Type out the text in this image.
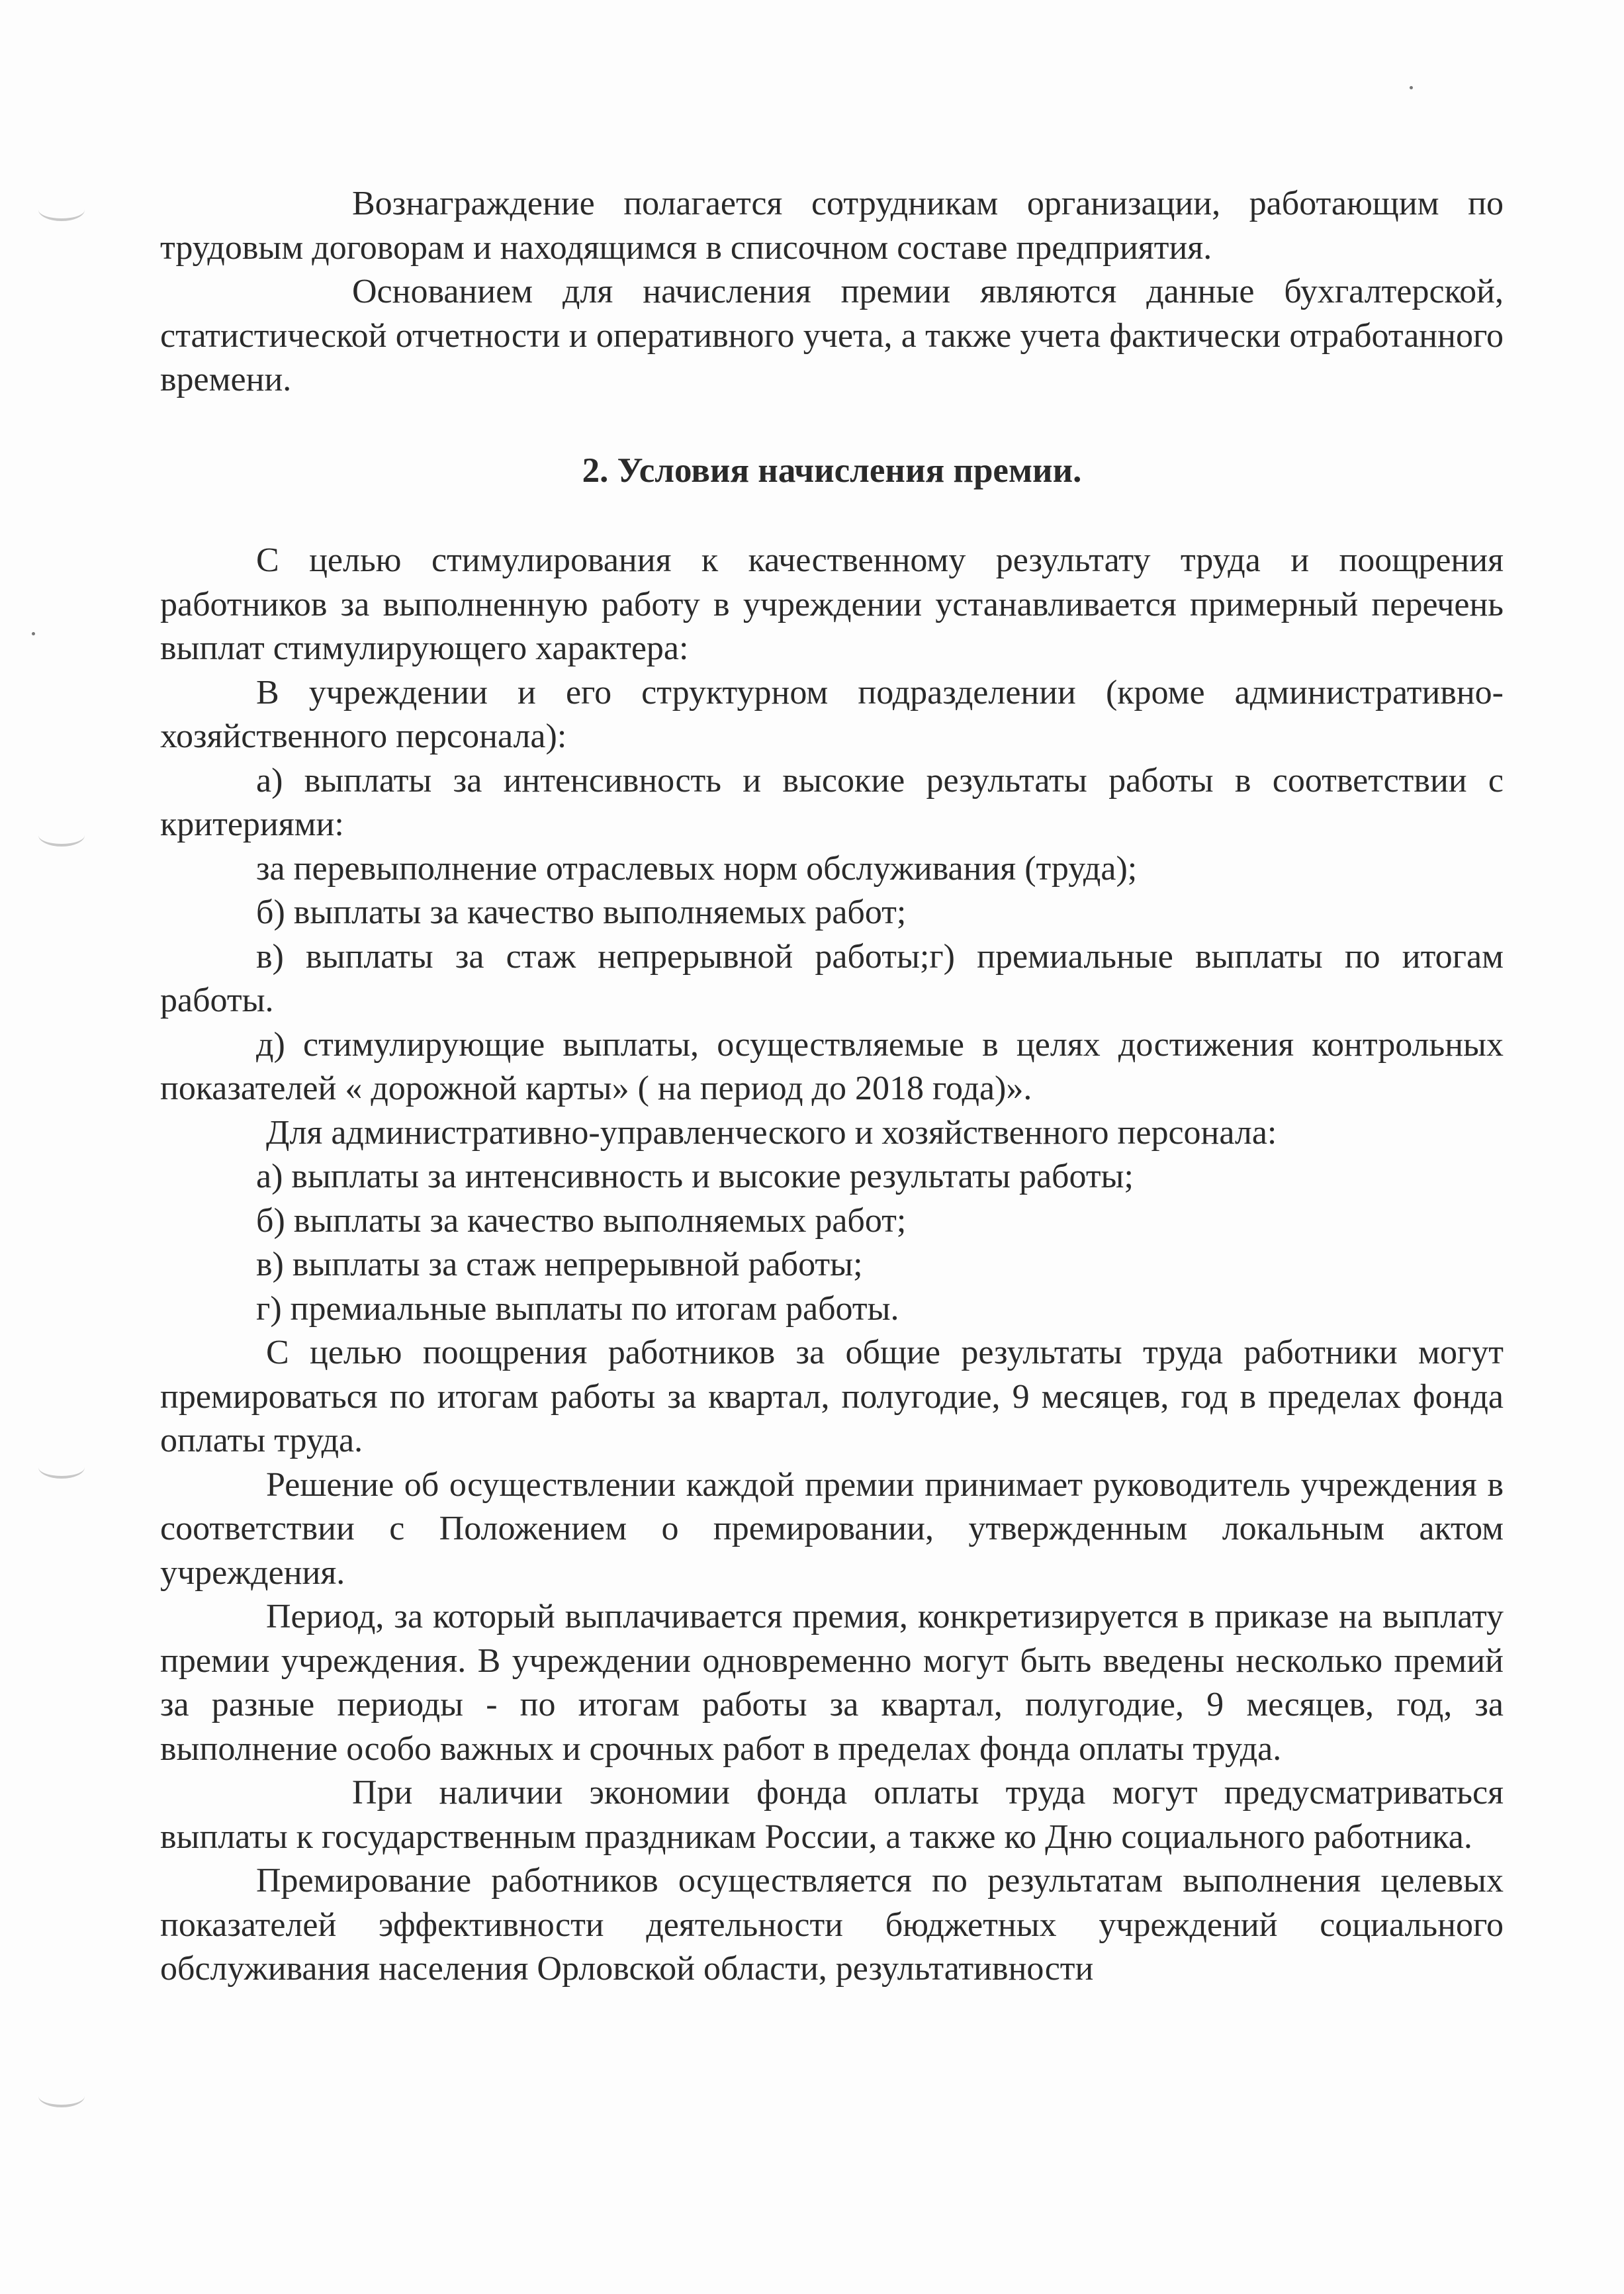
Вознаграждение полагается сотрудникам организации, работающим по трудовым договорам и находящимся в списочном составе предприятия.

Основанием для начисления премии являются данные бухгалтерской, статистической отчетности и оперативного учета, а также учета фактически отработанного времени.

2. Условия начисления премии.

С целью стимулирования к качественному результату труда и поощрения работников за выполненную работу в учреждении устанавливается примерный перечень выплат стимулирующего характера:

В учреждении и его структурном подразделении (кроме административно-хозяйственного персонала):

а) выплаты за интенсивность и высокие результаты работы в соответствии с критериями:

за перевыполнение отраслевых норм обслуживания (труда);

б) выплаты за качество выполняемых работ;

в) выплаты за стаж непрерывной работы;г) премиальные выплаты по итогам работы.

д) стимулирующие выплаты, осуществляемые в целях достижения контрольных показателей « дорожной карты» ( на период до 2018 года)».

Для административно-управленческого и хозяйственного персонала:

а) выплаты за интенсивность и высокие результаты работы;

б) выплаты за качество выполняемых работ;

в) выплаты за стаж непрерывной работы;

г) премиальные выплаты по итогам работы.

С целью поощрения работников за общие результаты труда работники могут премироваться по итогам работы за квартал, полугодие, 9 месяцев, год в пределах фонда оплаты труда.

Решение об осуществлении каждой премии принимает руководитель учреждения в соответствии с Положением о премировании, утвержденным локальным актом учреждения.

Период, за который выплачивается премия, конкретизируется в приказе на выплату премии учреждения. В учреждении одновременно могут быть введены несколько премий за разные периоды - по итогам работы за квартал, полугодие, 9 месяцев, год, за выполнение особо важных и срочных работ в пределах фонда оплаты труда.

При наличии экономии фонда оплаты труда могут предусматриваться выплаты к государственным праздникам России, а также ко Дню социального работника.

Премирование работников осуществляется по результатам выполнения целевых показателей эффективности деятельности бюджетных учреждений социального обслуживания населения Орловской области, результативности
